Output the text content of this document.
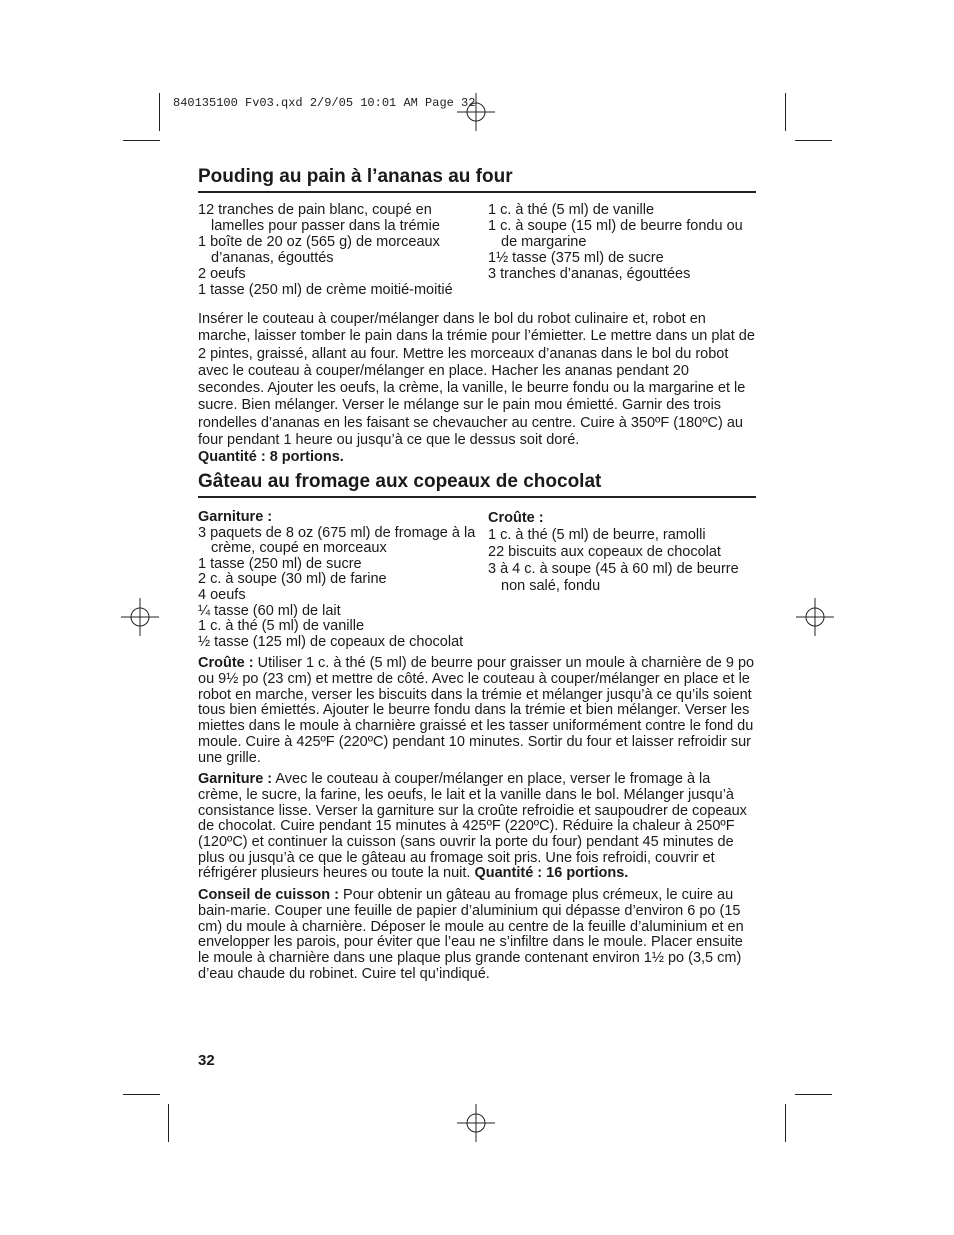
840135100 Fv03.qxd 2/9/05 10:01 AM Page 32
Pouding au pain à l’ananas au four

12 tranches de pain blanc, coupé en lamelles pour passer dans la trémie

1 boîte de 20 oz (565 g) de morceaux d’ananas, égouttés

2 oeufs

1 tasse (250 ml) de crème moitié-moitié

1 c. à thé (5 ml) de vanille

1 c. à soupe (15 ml) de beurre fondu ou de margarine

1½ tasse (375 ml) de sucre

3 tranches d’ananas, égouttées

Insérer le couteau à couper/mélanger dans le bol du robot culinaire et, robot en marche, laisser tomber le pain dans la trémie pour l’émietter. Le mettre dans un plat de 2 pintes, graissé, allant au four. Mettre les morceaux d’ananas dans le bol du robot avec le couteau à couper/mélanger en place. Hacher les ananas pendant 20 secondes. Ajouter les oeufs, la crème, la vanille, le beurre fondu ou la margarine et le sucre. Bien mélanger. Verser le mélange sur le pain mou émietté. Garnir des trois rondelles d’ananas en les faisant se chevaucher au centre. Cuire à 350ºF (180ºC) au four pendant 1 heure ou jusqu’à ce que le dessus soit doré.
Quantité : 8 portions.

Gâteau au fromage aux copeaux de chocolat

Garniture :

3 paquets de 8 oz (675 ml) de fromage à la crème, coupé en morceaux

1 tasse (250 ml) de sucre

2 c. à soupe (30 ml) de farine

4 oeufs

¼ tasse (60 ml) de lait

1 c. à thé (5 ml) de vanille

½ tasse (125 ml) de copeaux de chocolat

Croûte :

1 c. à thé (5 ml) de beurre, ramolli

22 biscuits aux copeaux de chocolat

3 à 4 c. à soupe (45 à 60 ml) de beurre non salé, fondu

Croûte : Utiliser 1 c. à thé (5 ml) de beurre pour graisser un moule à charnière de 9 po ou 9½ po (23 cm) et mettre de côté. Avec le couteau à couper/mélanger en place et le robot en marche, verser les biscuits dans la trémie et mélanger jusqu’à ce qu’ils soient tous bien émiettés. Ajouter le beurre fondu dans la trémie et bien mélanger. Verser les miettes dans le moule à charnière graissé et les tasser uniformément contre le fond du moule. Cuire à 425ºF (220ºC) pendant 10 minutes. Sortir du four et laisser refroidir sur une grille.

Garniture : Avec le couteau à couper/mélanger en place, verser le fromage à la crème, le sucre, la farine, les oeufs, le lait et la vanille dans le bol. Mélanger jusqu’à consistance lisse. Verser la garniture sur la croûte refroidie et saupoudrer de copeaux de chocolat. Cuire pendant 15 minutes à 425ºF (220ºC). Réduire la chaleur à 250ºF (120ºC) et continuer la cuisson (sans ouvrir la porte du four) pendant 45 minutes de plus ou jusqu’à ce que le gâteau au fromage soit pris. Une fois refroidi, couvrir et réfrigérer plusieurs heures ou toute la nuit. Quantité : 16 portions.

Conseil de cuisson : Pour obtenir un gâteau au fromage plus crémeux, le cuire au bain-marie. Couper une feuille de papier d’aluminium qui dépasse d’environ 6 po (15 cm) du moule à charnière. Déposer le moule au centre de la feuille d’aluminium et en envelopper les parois, pour éviter que l’eau ne s’infiltre dans le moule. Placer ensuite le moule à charnière dans une plaque plus grande contenant environ 1½ po (3,5 cm) d’eau chaude du robinet. Cuire tel qu’indiqué.

32
